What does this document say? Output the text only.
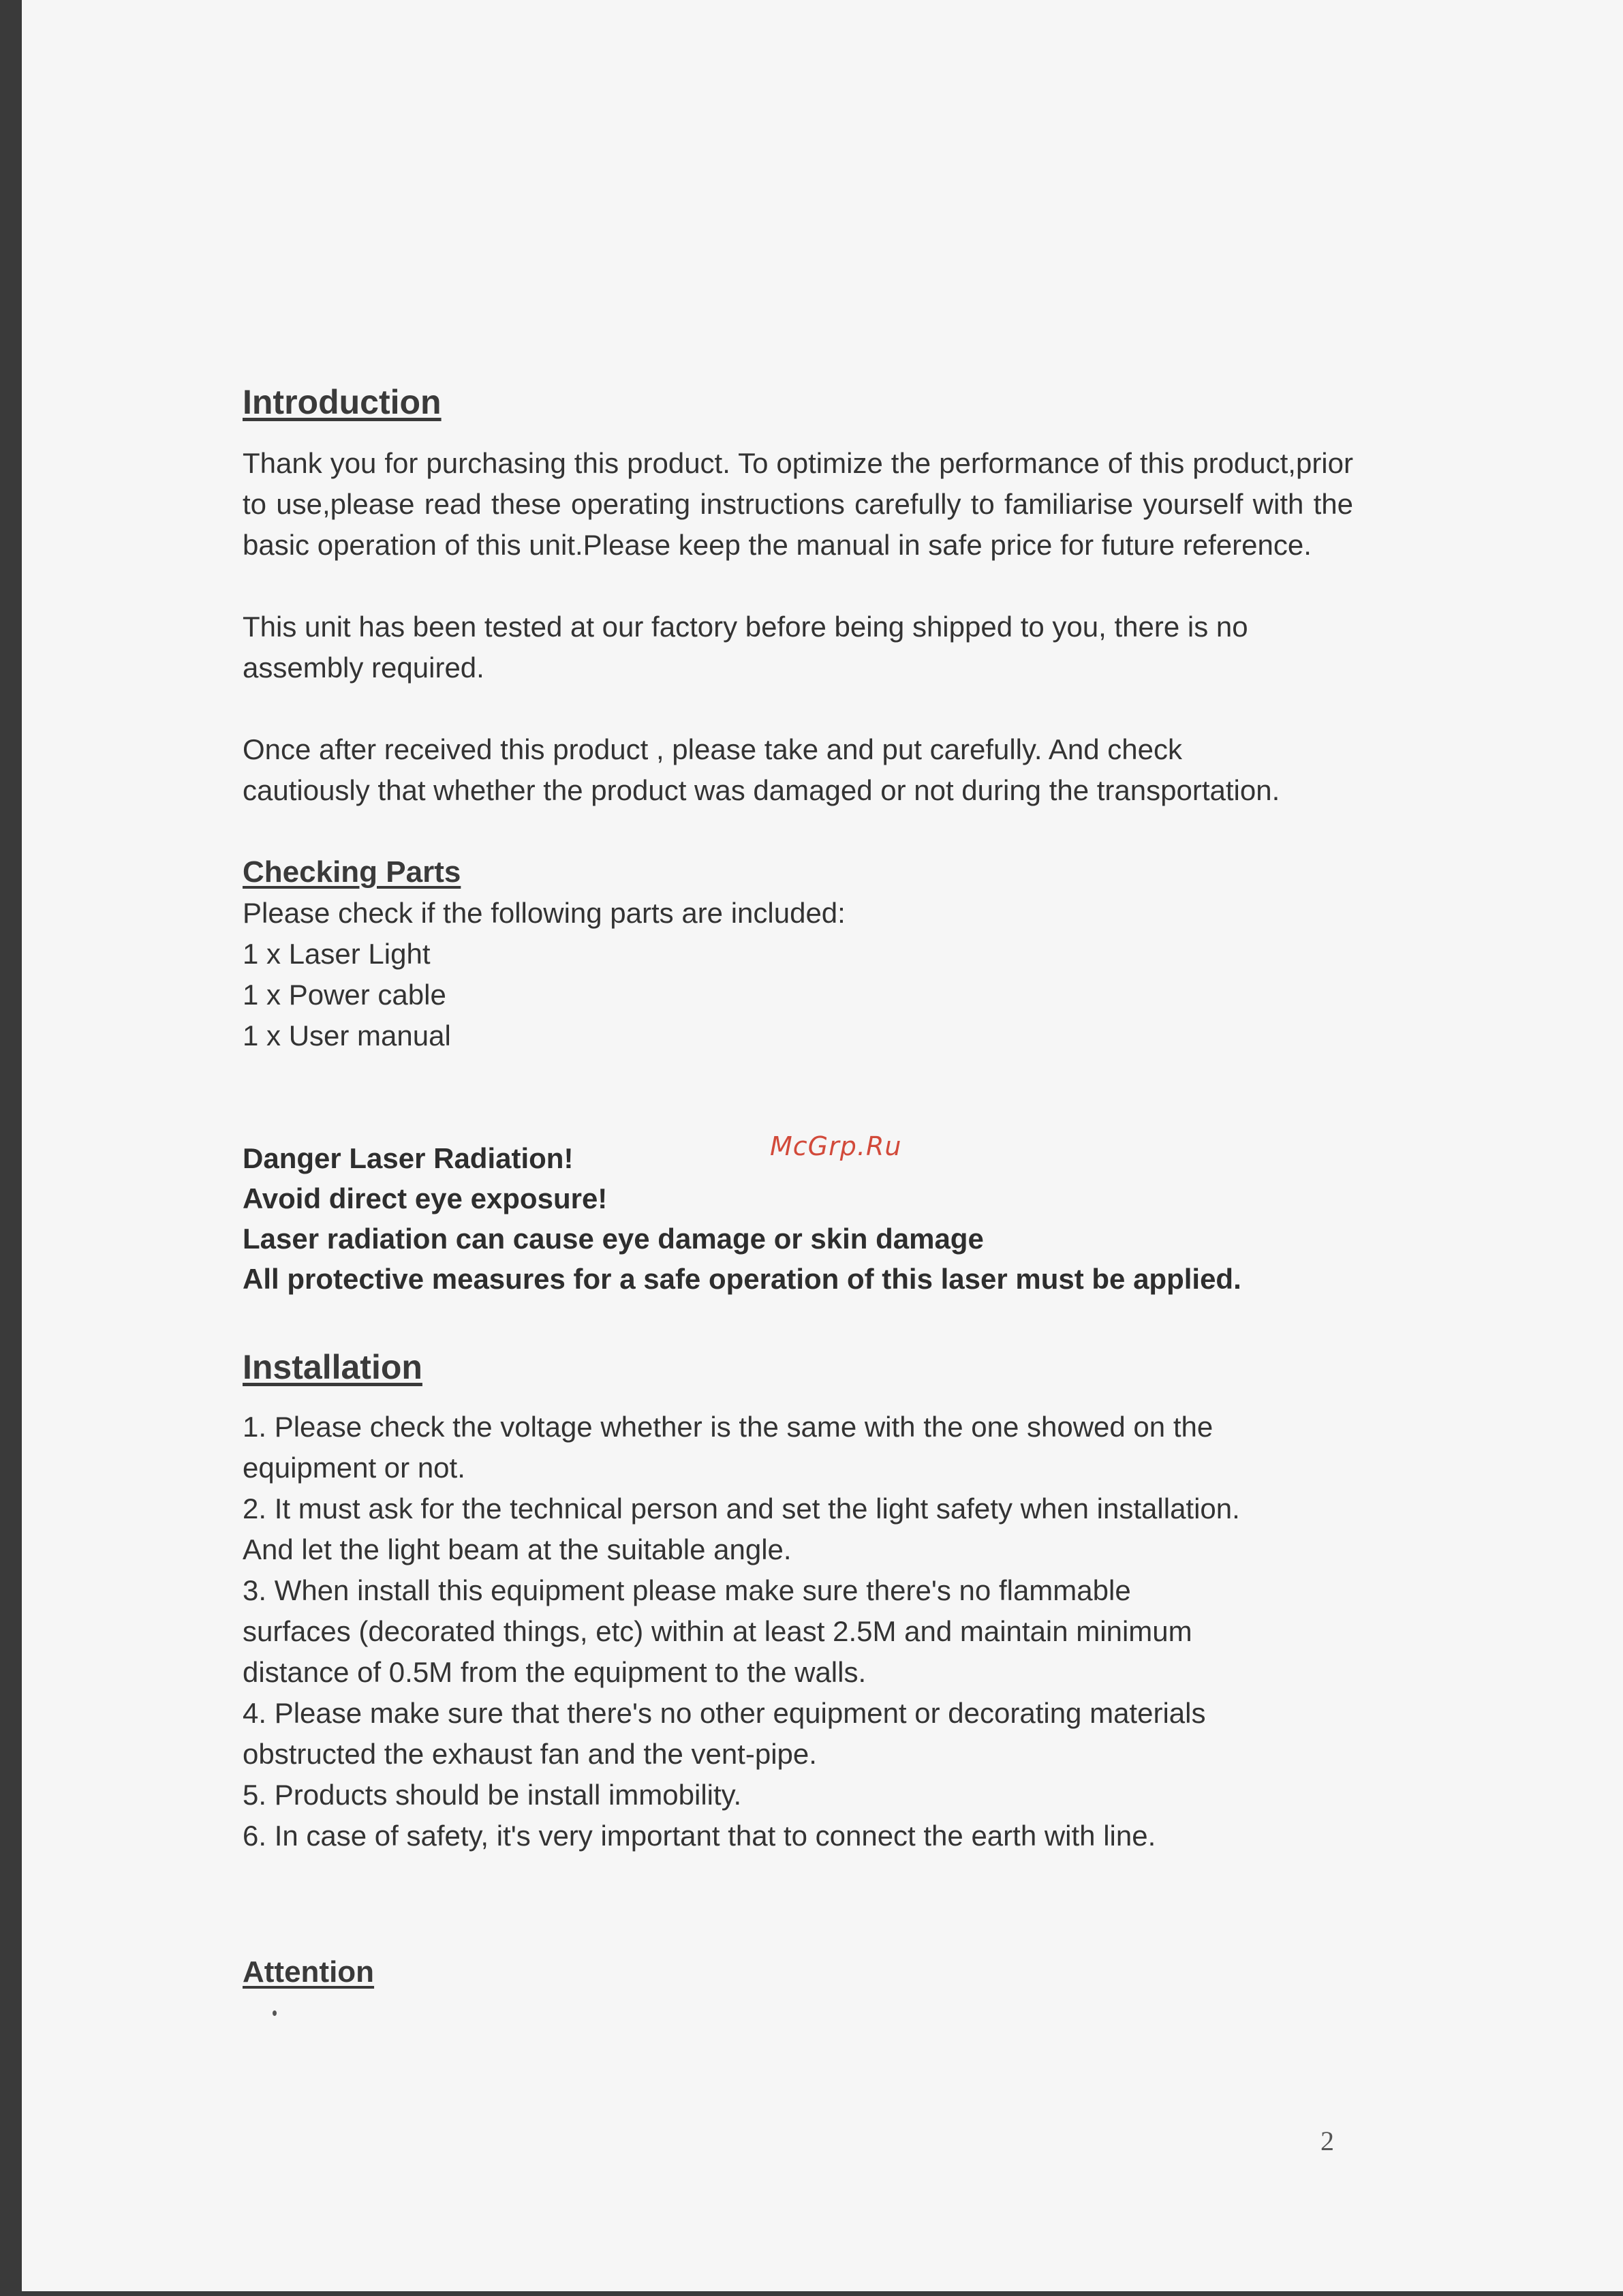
Introduction

Thank you for purchasing this product. To optimize the performance of this product,prior to use,please read these operating instructions carefully to familiarise yourself with the basic operation of this unit.Please keep the manual in safe price for future reference.

This unit has been tested at our factory before being shipped to you, there is no assembly required.

Once after received this product , please take and put carefully. And check cautiously that whether the product was damaged or not during the transportation.

Checking Parts

Please check if the following parts are included:

1 x Laser Light

1 x Power cable

1 x User manual

Danger Laser Radiation!

Avoid direct eye exposure!

Laser radiation can cause eye damage or skin damage

All protective measures for a safe operation of this laser must be applied.

Installation

1. Please check the voltage whether is the same with the one showed on the

equipment or not.

2. It must ask for the technical person and set the light safety when installation.

And let the light beam at the suitable angle.

3. When install this equipment please make sure there's no flammable

surfaces (decorated things, etc) within at least 2.5M and maintain minimum

distance of 0.5M from the equipment to the walls.

4. Please make sure that there's no other equipment or decorating materials

obstructed the exhaust fan and the vent-pipe.

5. Products should be install immobility.

6. In case of safety, it's very important that to connect the earth with line.

Attention
McGrp.Ru
2
